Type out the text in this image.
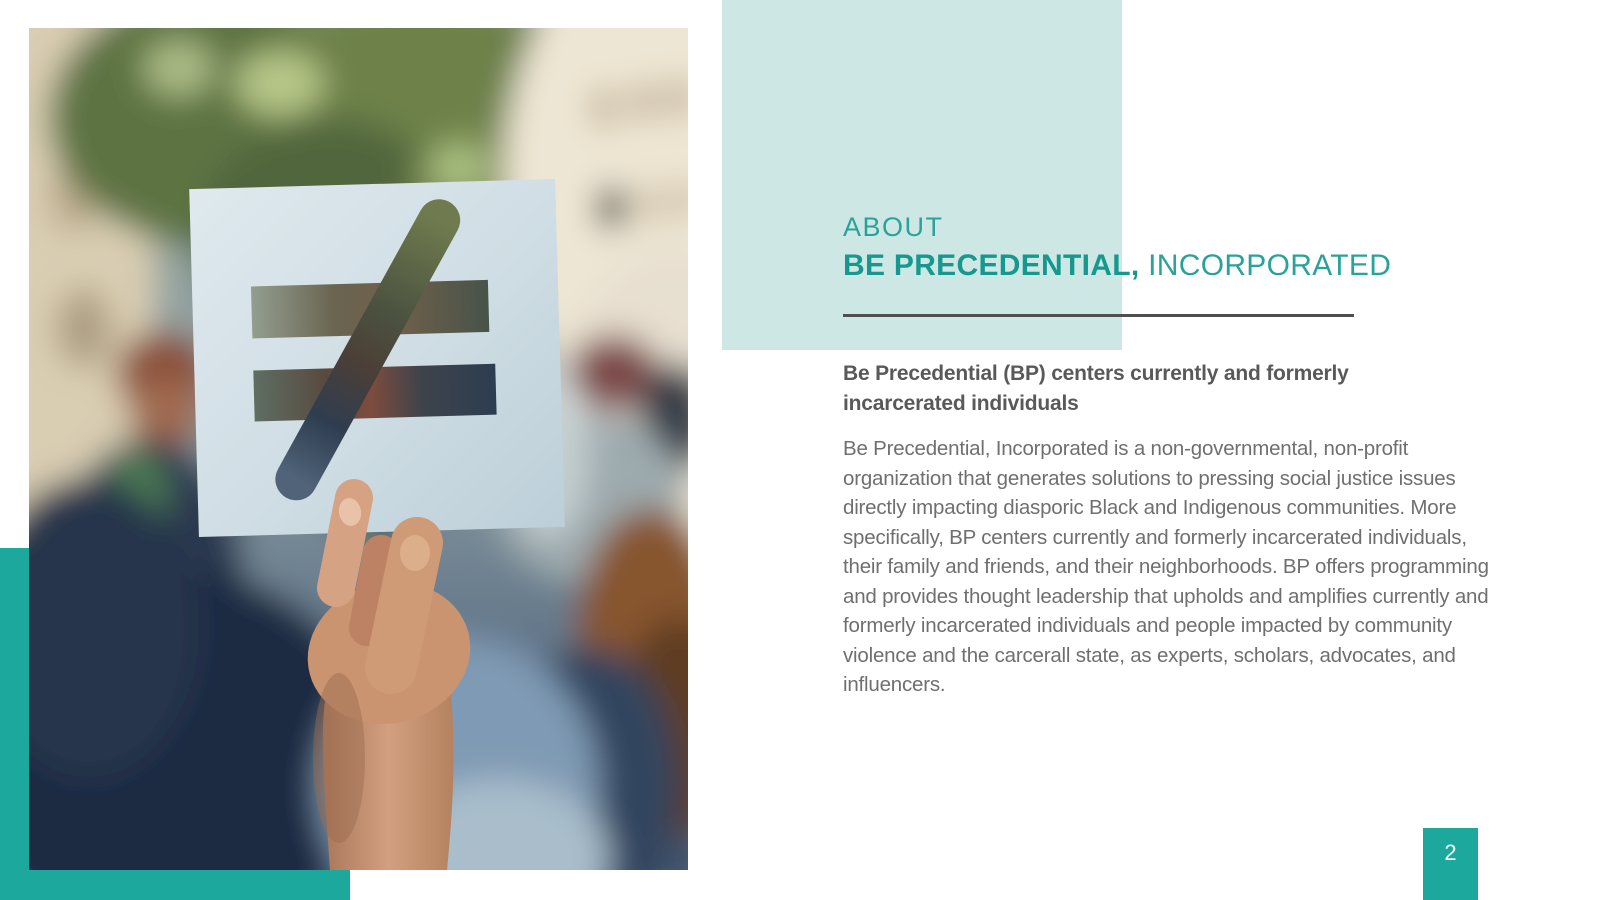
ABOUT

BE PRECEDENTIAL, INCORPORATED

Be Precedential (BP) centers currently and formerly incarcerated individuals

Be Precedential, Incorporated is a non-governmental, non-profit organization that generates solutions to pressing social justice issues directly impacting diasporic Black and Indigenous communities. More specifically, BP centers currently and formerly incarcerated individuals, their family and friends, and their neighborhoods. BP offers programming and provides thought leadership that upholds and amplifies currently and formerly incarcerated individuals and people impacted by community violence and the carcerall state, as experts, scholars, advocates, and influencers.

2
